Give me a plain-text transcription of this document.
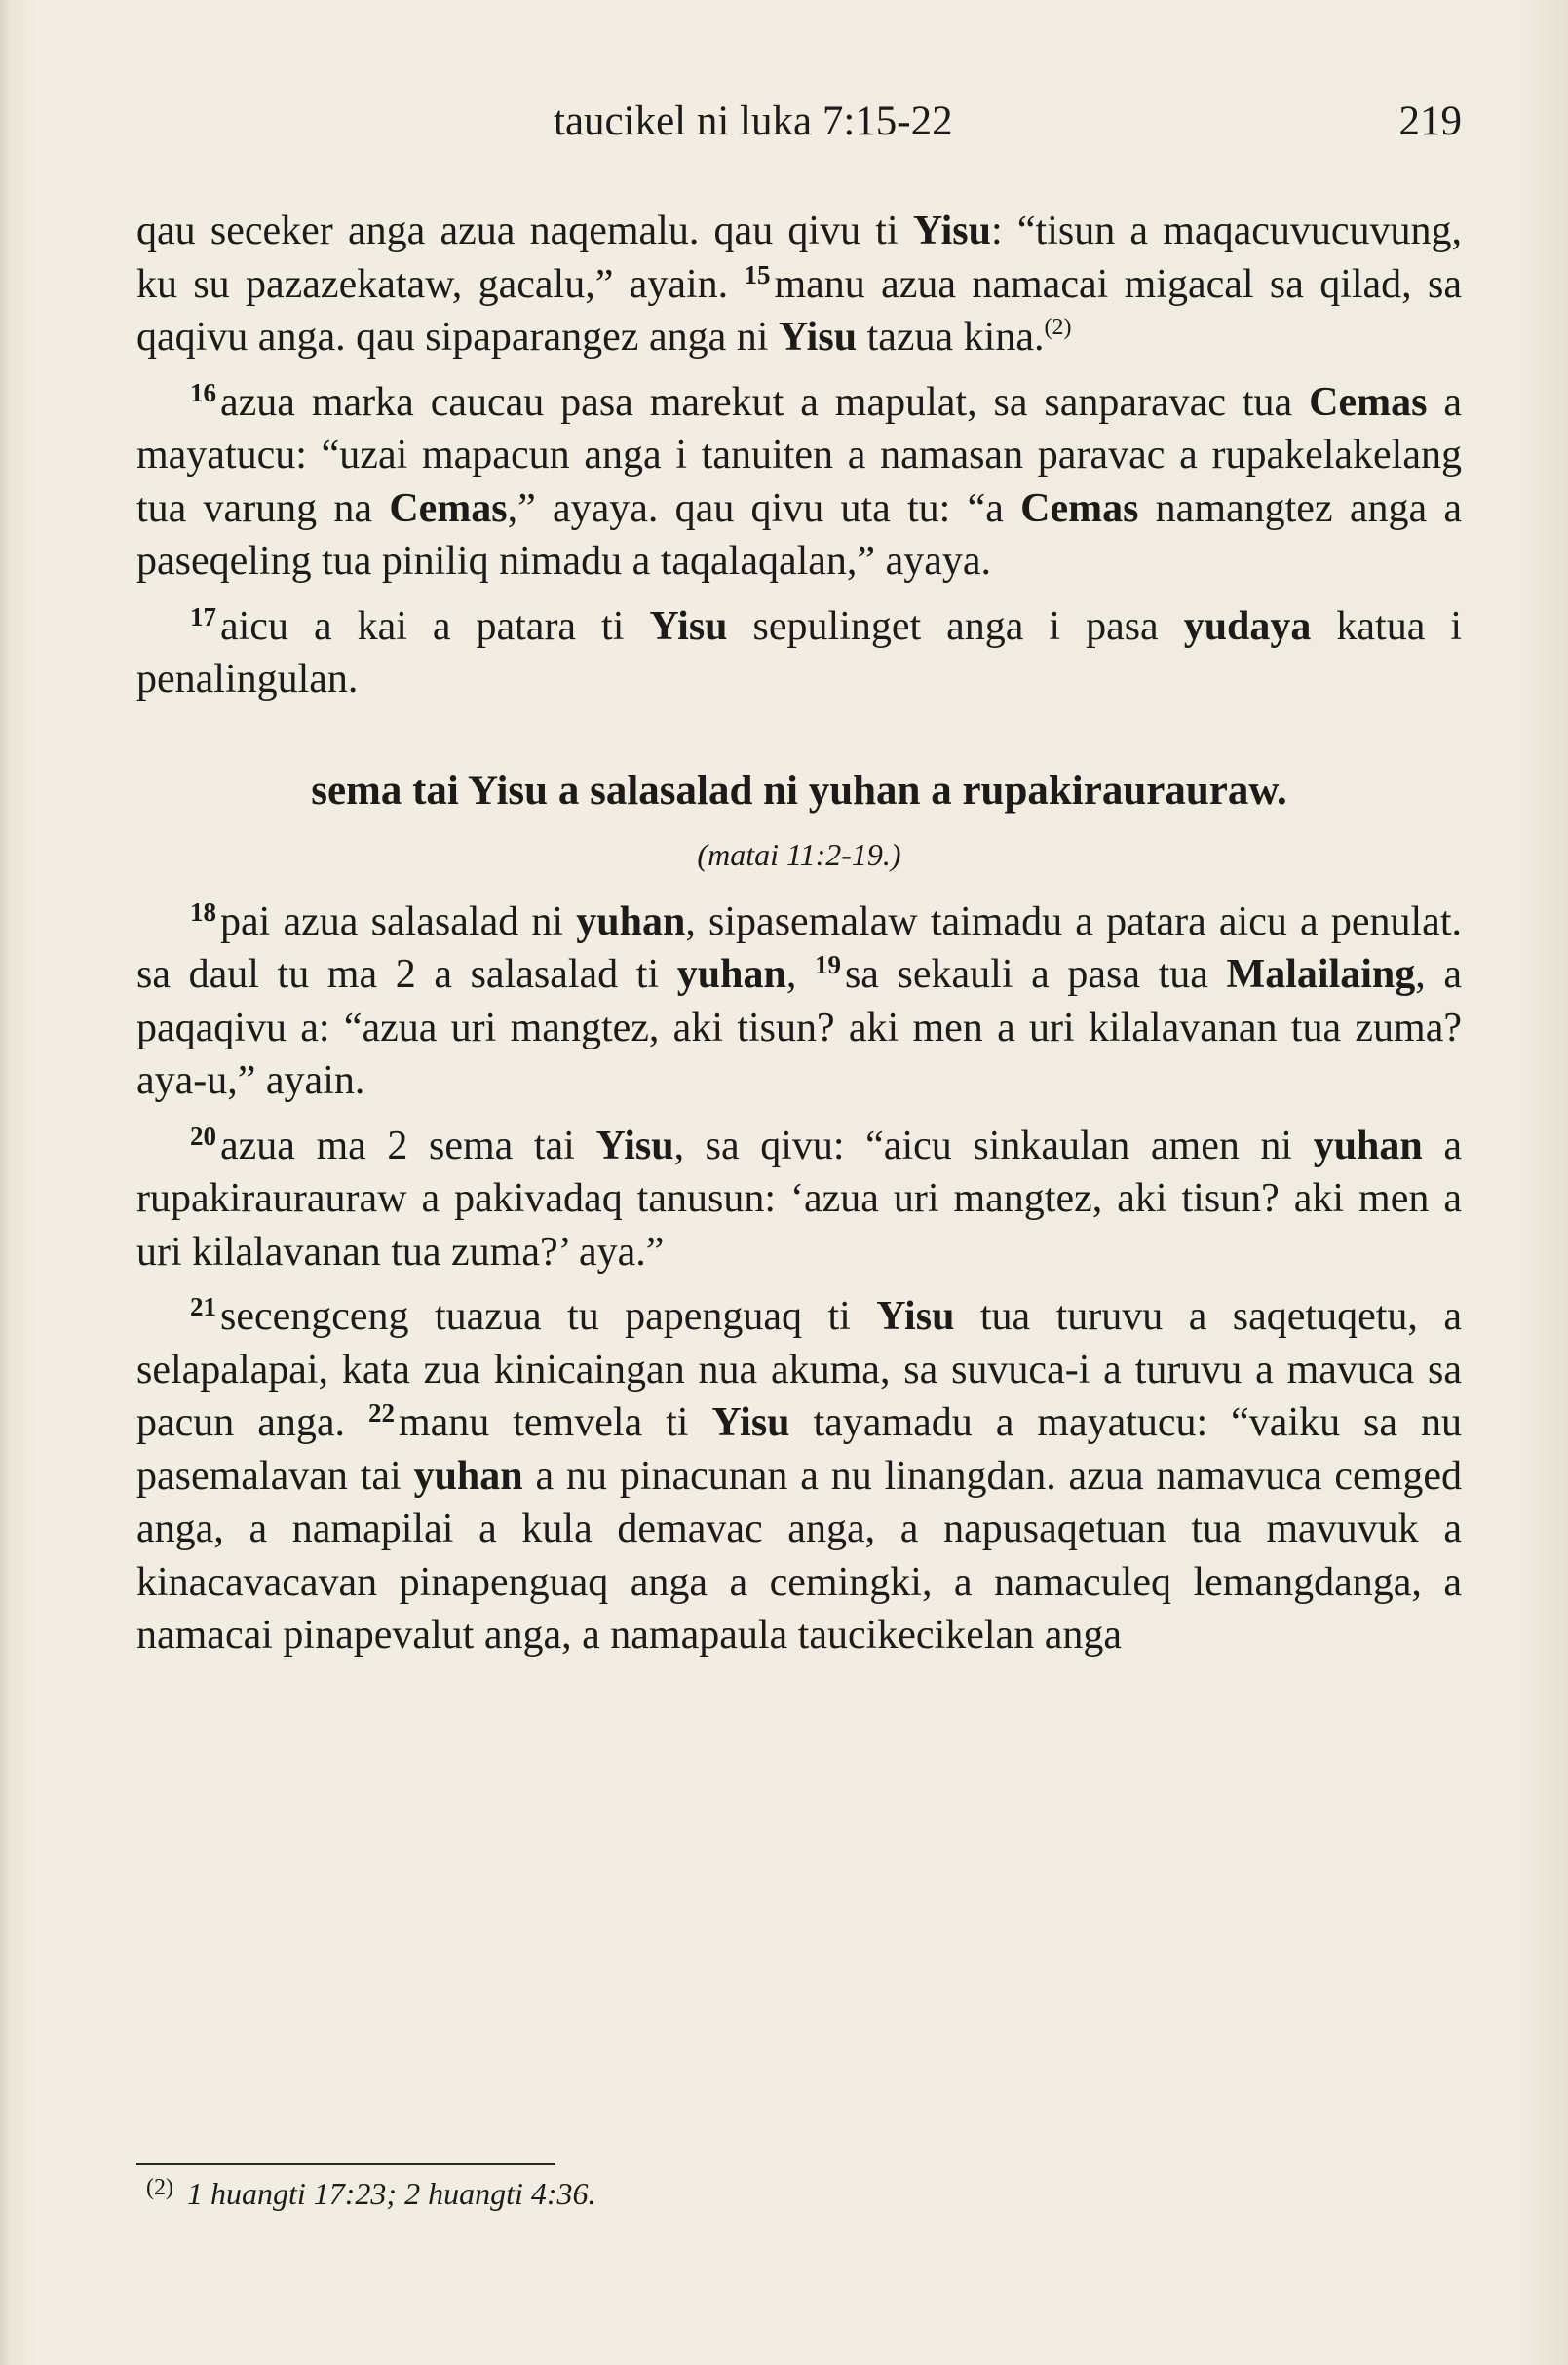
taucikel ni luka 7:15-22	219

qau seceker anga azua naqemalu. qau qivu ti Yisu: “tisun a maqacuvucuvung, ku su pazazekataw, gacalu,” ayain. $^{15}$manu azua namacai migacal sa qilad, sa qaqivu anga. qau sipaparangez anga ni Yisu tazua kina.$^{(2)}$

$^{16}$azua marka caucau pasa marekut a mapulat, sa sanparavac tua Cemas a mayatucu: “uzai mapacun anga i tanuiten a namasan paravac a rupakelakelang tua varung na Cemas,” ayaya. qau qivu uta tu: “a Cemas namangtez anga a paseqeling tua piniliq nimadu a taqalaqalan,” ayaya.

$^{17}$aicu a kai a patara ti Yisu sepulinget anga i pasa yudaya katua i penalingulan.

sema tai Yisu a salasalad ni yuhan a rupakiraurauraw.
(matai 11:2-19.)

$^{18}$pai azua salasalad ni yuhan, sipasemalaw taimadu a patara aicu a penulat. sa daul tu ma 2 a salasalad ti yuhan, $^{19}$sa sekauli a pasa tua Malailaing, a paqaqivu a: “azua uri mangtez, aki tisun? aki men a uri kilalavanan tua zuma? aya-u,” ayain.

$^{20}$azua ma 2 sema tai Yisu, sa qivu: “aicu sinkaulan amen ni yuhan a rupakiraurauraw a pakivadaq tanusun: ‘azua uri mangtez, aki tisun? aki men a uri kilalavanan tua zuma?’ aya.”

$^{21}$secengceng tuazua tu papenguaq ti Yisu tua turuvu a saqetuqetu, a selapalapai, kata zua kinicaingan nua akuma, sa suvuca-i a turuvu a mavuca sa pacun anga. $^{22}$manu temvela ti Yisu tayamadu a mayatucu: “vaiku sa nu pasemalavan tai yuhan a nu pinacunan a nu linangdan. azua namavuca cemged anga, a namapilai a kula demavac anga, a napusaqetuan tua mavuvuk a kinacavacavan pinapenguaq anga a cemingki, a namaculeq lemangdanga, a namacai pinapevalut anga, a namapaula taucikecikelan anga

$^{(2)}$ 1 huangti 17:23; 2 huangti 4:36.
